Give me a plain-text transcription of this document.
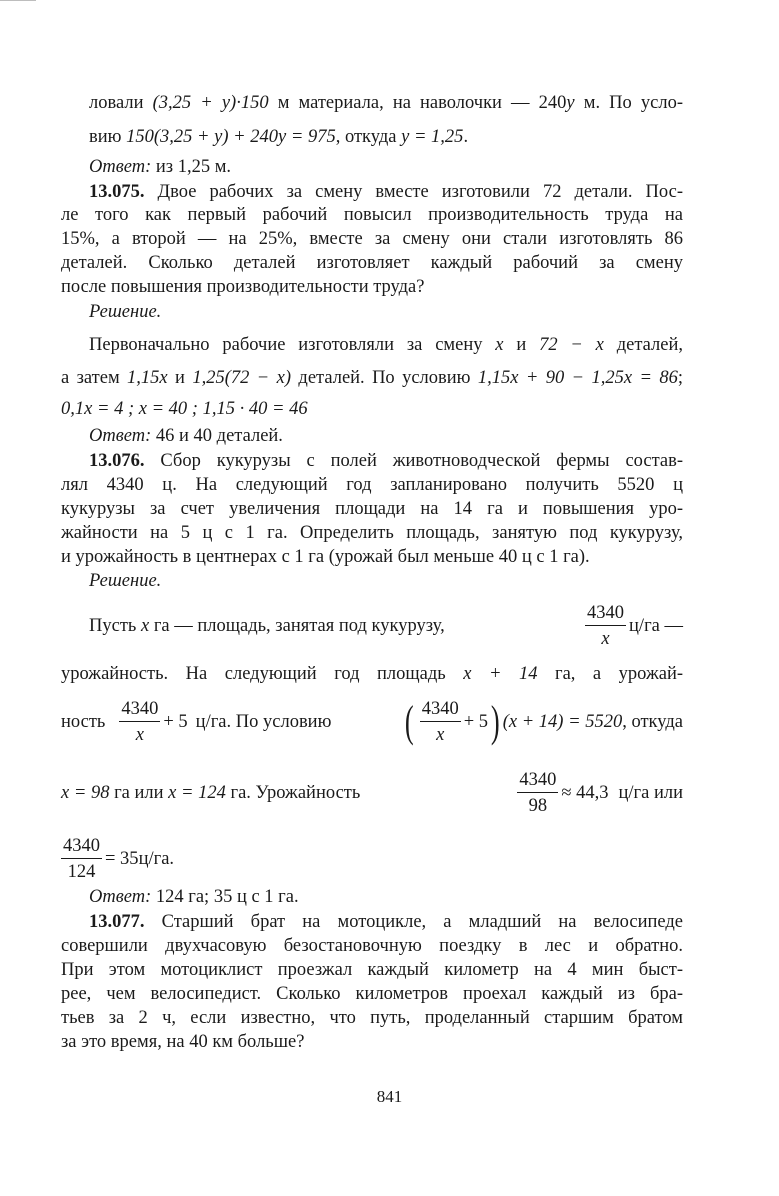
ловали (3,25 + y)·150 м материала, на наволочки — 240y м. По усло-
вию 150(3,25 + y) + 240y = 975, откуда y = 1,25.
Ответ: из 1,25 м.
13.075. Двое рабочих за смену вместе изготовили 72 детали. Пос-
ле того как первый рабочий повысил производительность труда на
15%, а второй — на 25%, вместе за смену они стали изготовлять 86
деталей. Сколько деталей изготовляет каждый рабочий за смену
после повышения производительности труда?
Решение.
Первоначально рабочие изготовляли за смену x и 72 − x деталей,
а затем 1,15x и 1,25(72 − x) деталей. По условию 1,15x + 90 − 1,25x = 86;
0,1x = 4 ; x = 40 ; 1,15 · 40 = 46
Ответ: 46 и 40 деталей.
13.076. Сбор кукурузы с полей животноводческой фермы состав-
лял 4340 ц. На следующий год запланировано получить 5520 ц
кукурузы за счет увеличения площади на 14 га и повышения уро-
жайности на 5 ц с 1 га. Определить площадь, занятую под кукурузу,
и урожайность в центнерах с 1 га (урожай был меньше 40 ц с 1 га).
Решение.
Пусть x га — площадь, занятая под кукурузу,	$\frac{4340}{x} ц/га$ —
урожайность. На следующий год площадь x + 14 га, а урожай-
ность $\frac{4340}{x} + 5$ ц/га. По условию ( $\frac{4340}{x} + 5$ ) (x + 14) = 5520 , откуда
x = 98 га или x = 124 га. Урожайность	$\frac{4340}{98} \approx 44,3$ ц/га или
$\frac{4340}{124} = 35$ ц/га.
Ответ: 124 га; 35 ц с 1 га.
13.077. Старший брат на мотоцикле, а младший на велосипеде
совершили двухчасовую безостановочную поездку в лес и обратно.
При этом мотоциклист проезжал каждый километр на 4 мин быст-
рее, чем велосипедист. Сколько километров проехал каждый из бра-
тьев за 2 ч, если известно, что путь, проделанный старшим братом
за это время, на 40 км больше?
841
